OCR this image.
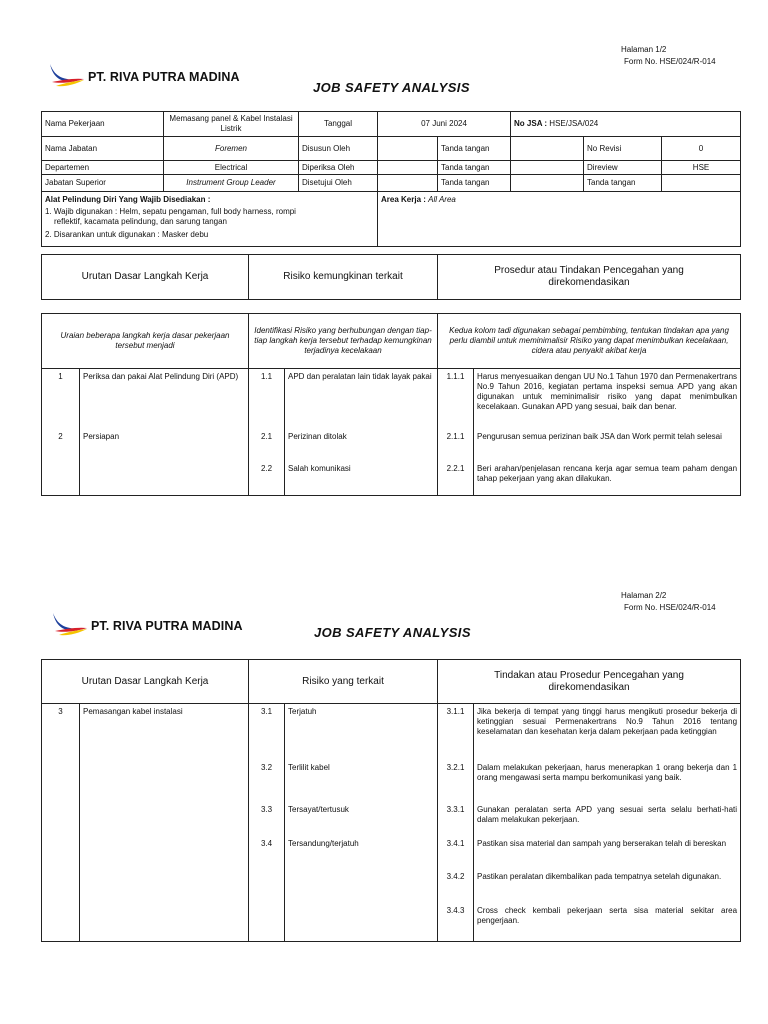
Halaman 1/2
Form No. HSE/024/R-014
PT. RIVA PUTRA MADINA
JOB SAFETY ANALYSIS
Nama Pekerjaan	Memasang panel & Kabel Instalasi Listrik	Tanggal	07 Juni 2024		No JSA : HSE/JSA/024		
Nama Jabatan	Foremen	Disusun Oleh		Tanda tangan		No Revisi	0
Departemen	Electrical	Diperiksa Oleh		Tanda tangan		Direview	HSE
Jabatan Superior	Instrument Group Leader	Disetujui Oleh		Tanda tangan		Tanda tangan	

Alat Pelindung Diri Yang Wajib Disediakan :
1. Wajib digunakan : Helm, sepatu pengaman, full body harness, rompi
reflektif, kacamata pelindung, dan sarung tangan
2. Disarankan untuk digunakan : Masker debu			Area Kerja : All Area				
Urutan Dasar Langkah Kerja	Risiko kemungkinan terkait	Prosedur atau Tindakan Pencegahan yang direkomendasikan
Uraian beberapa langkah kerja dasar pekerjaan tersebut menjadi		Identifikasi Risiko yang berhubungan dengan tiap-tiap langkah kerja tersebut terhadap kemungkinan terjadinya kecelakaan		Kedua kolom tadi digunakan sebagai pembimbing, tentukan tindakan apa yang perlu diambil untuk meminimalisir Risiko yang dapat menimbulkan kecelakaan, cidera atau penyakit akibat kerja	
1	Periksa dan pakai Alat Pelindung Diri (APD)	1.1	APD dan peralatan lain tidak layak pakai	1.1.1	Harus menyesuaikan dengan UU No.1 Tahun 1970 dan Permenakertrans No.9 Tahun 2016, kegiatan pertama inspeksi semua APD yang akan digunakan untuk meminimalisir risiko yang dapat menimbulkan kecelakaan. Gunakan APD yang sesuai, baik dan benar.
2	Persiapan	2.1	Perizinan ditolak	2.1.1	Pengurusan semua perizinan baik JSA dan Work permit telah selesai
		2.2	Salah komunikasi	2.2.1	Beri arahan/penjelasan rencana kerja agar semua team paham dengan tahap pekerjaan yang akan dilakukan.
Halaman 2/2
Form No. HSE/024/R-014
PT. RIVA PUTRA MADINA	JOB SAFETY ANALYSIS
Urutan Dasar Langkah Kerja		Risiko yang terkait		Tindakan atau Prosedur Pencegahan yang direkomendasikan	
3	Pemasangan kabel instalasi	3.1	Terjatuh	3.1.1	Jika bekerja di tempat yang tinggi harus mengikuti prosedur bekerja di ketinggian sesuai Permenakertrans No.9 Tahun 2016 tentang keselamatan dan kesehatan kerja dalam pekerjaan pada ketinggian
		3.2	Terlilit kabel	3.2.1	Dalam melakukan pekerjaan, harus menerapkan 1 orang bekerja dan 1 orang mengawasi serta mampu berkomunikasi yang baik.
		3.3	Tersayat/tertusuk	3.3.1	Gunakan peralatan serta APD yang sesuai serta selalu berhati-hati dalam melakukan pekerjaan.
		3.4	Tersandung/terjatuh	3.4.1	Pastikan sisa material dan sampah yang berserakan telah di bereskan
				3.4.2	Pastikan peralatan dikembalikan pada tempatnya setelah digunakan.
				3.4.3	Cross check kembali pekerjaan serta sisa material sekitar area pengerjaan.
